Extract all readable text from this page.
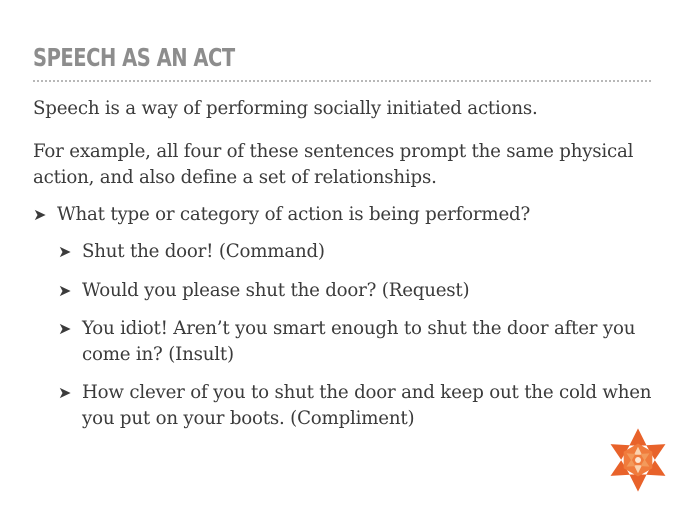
SPEECH AS AN ACT

Speech is a way of performing socially initiated actions.

For example, all four of these sentences prompt the same physical action, and also define a set of relationships.

➤ What type or category of action is being performed?
➤ Shut the door! (Command)
➤ Would you please shut the door? (Request)
➤ You idiot! Aren’t you smart enough to shut the door after you come in? (Insult)
➤ How clever of you to shut the door and keep out the cold when you put on your boots. (Compliment)
